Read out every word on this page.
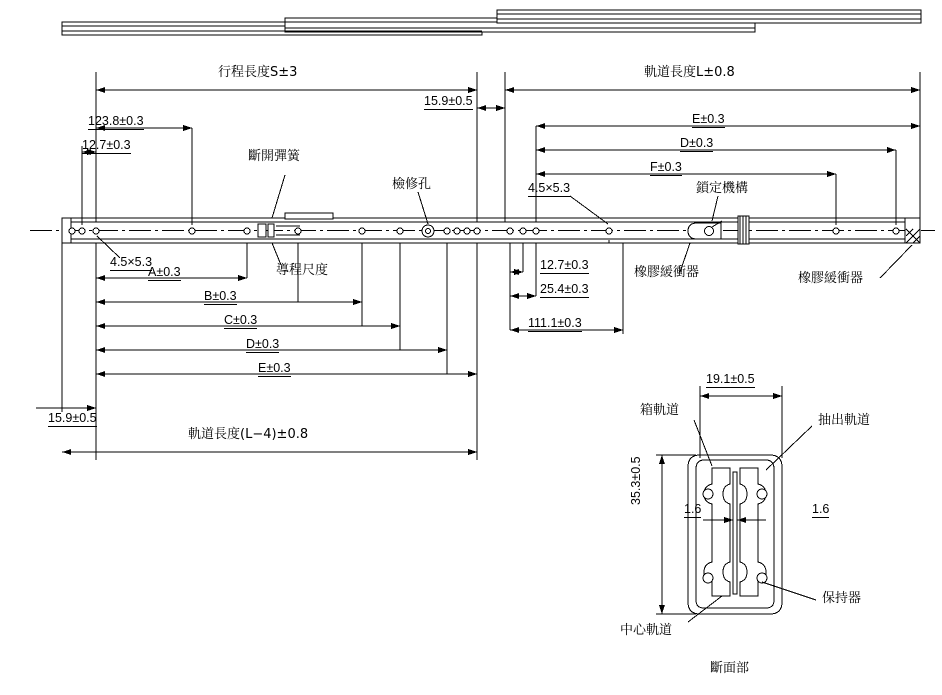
行程長度S±3	軌道長度L±0.8
15.9±0.5
E±0.3
D±0.3
F±0.3
123.8±0.3
12.7±0.3
斷開彈簧
檢修孔	4.5×5.3	鎖定機構
4.5×5.3
導程尺度	12.7±0.3
25.4±0.3
111.1±0.3
橡膠緩衝器	橡膠緩衝器
A±0.3
B±0.3
C±0.3
D±0.3
E±0.3
15.9±0.5
軌道長度(L−4)±0.8
19.1±0.5
35.3±0.5
1.6	1.6
箱軌道
抽出軌道
中心軌道
保持器
斷面部
